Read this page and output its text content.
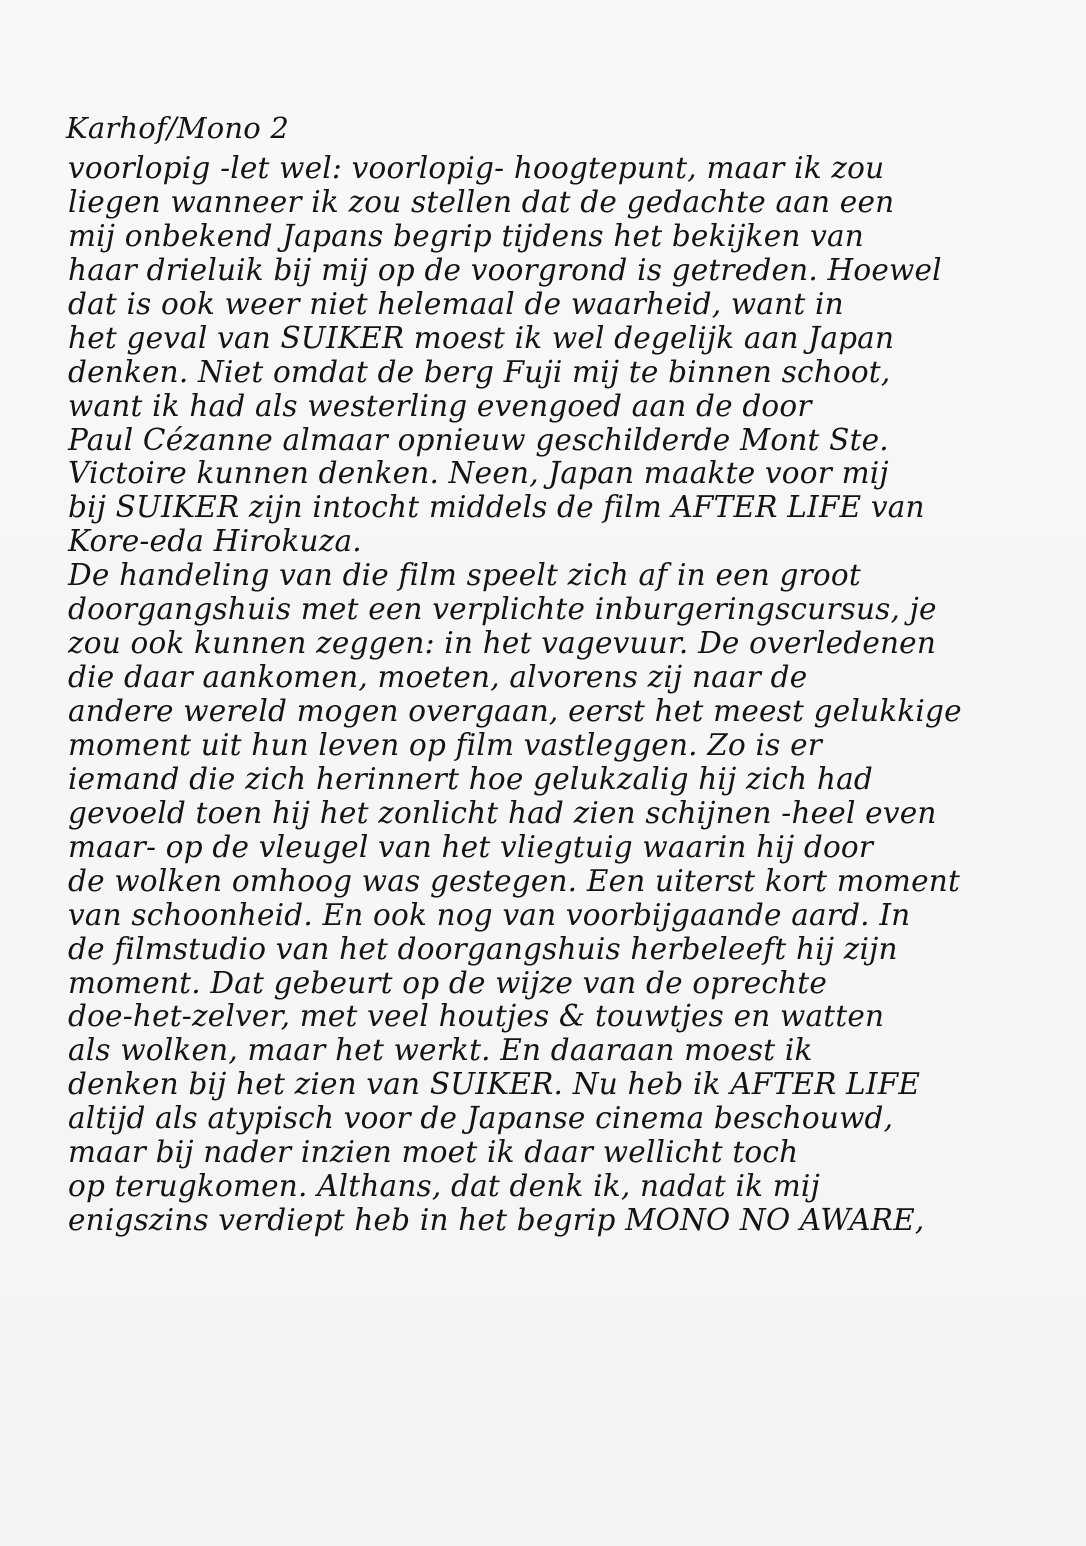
Karhof/Mono 2
voorlopig -let wel: voorlopig- hoogtepunt, maar ik zou
liegen wanneer ik zou stellen dat de gedachte aan een
mij onbekend Japans begrip tijdens het bekijken van
haar drieluik bij mij op de voorgrond is getreden. Hoewel
dat is ook weer niet helemaal de waarheid, want in
het geval van SUIKER moest ik wel degelijk aan Japan
denken. Niet omdat de berg Fuji mij te binnen schoot,
want ik had als westerling evengoed aan de door
Paul Cézanne almaar opnieuw geschilderde Mont Ste.
Victoire kunnen denken. Neen, Japan maakte voor mij
bij SUIKER zijn intocht middels de film AFTER LIFE van
Kore-eda Hirokuza.
De handeling van die film speelt zich af in een groot
doorgangshuis met een verplichte inburgeringscursus, je
zou ook kunnen zeggen: in het vagevuur. De overledenen
die daar aankomen, moeten, alvorens zij naar de
andere wereld mogen overgaan, eerst het meest gelukkige
moment uit hun leven op film vastleggen. Zo is er
iemand die zich herinnert hoe gelukzalig hij zich had
gevoeld toen hij het zonlicht had zien schijnen -heel even
maar- op de vleugel van het vliegtuig waarin hij door
de wolken omhoog was gestegen. Een uiterst kort moment
van schoonheid. En ook nog van voorbijgaande aard. In
de filmstudio van het doorgangshuis herbeleeft hij zijn
moment. Dat gebeurt op de wijze van de oprechte
doe-het-zelver, met veel houtjes & touwtjes en watten
als wolken, maar het werkt. En daaraan moest ik
denken bij het zien van SUIKER. Nu heb ik AFTER LIFE
altijd als atypisch voor de Japanse cinema beschouwd,
maar bij nader inzien moet ik daar wellicht toch
op terugkomen. Althans, dat denk ik, nadat ik mij
enigszins verdiept heb in het begrip MONO NO AWARE,
